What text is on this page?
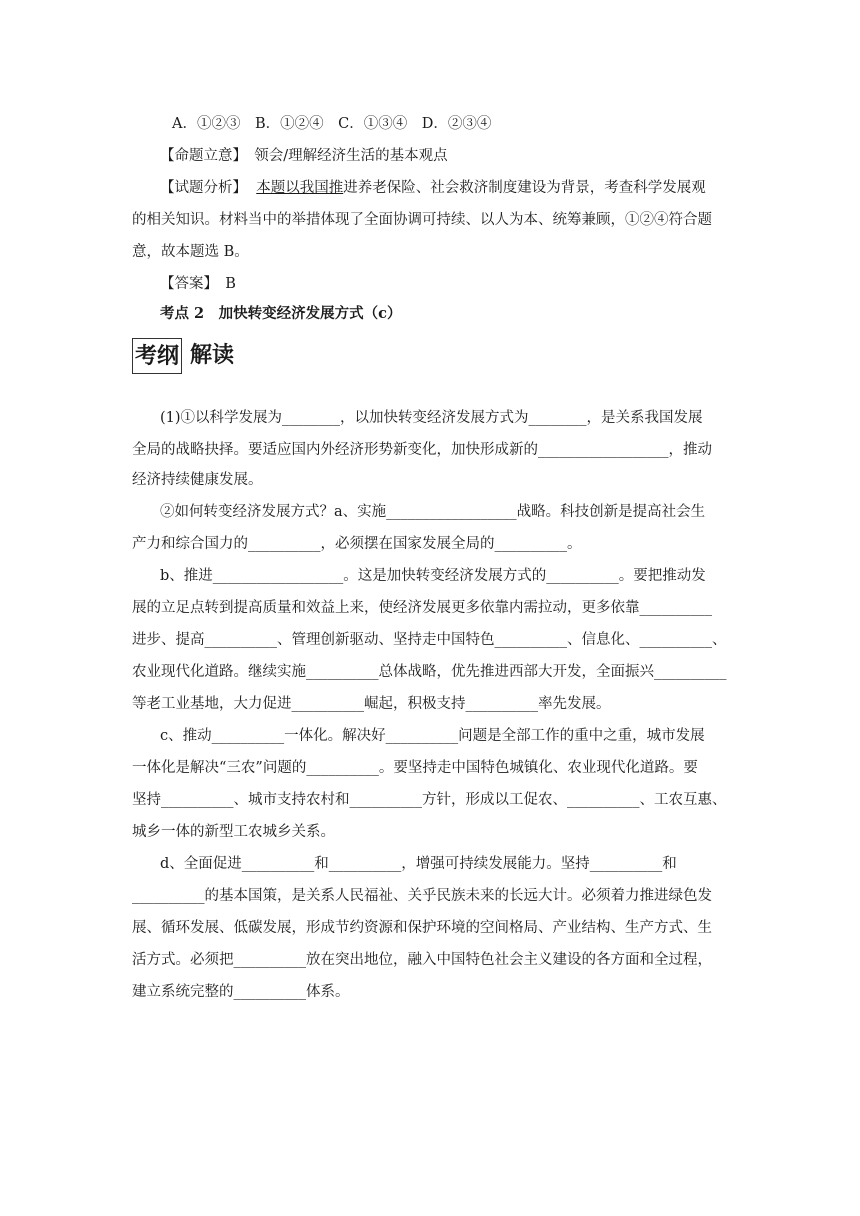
A．①②③　B．①②④　C．①③④　D．②③④
【命题立意】　领会/理解经济生活的基本观点
【试题分析】 本题以我国推进养老保险、社会救济制度建设为背景，考查科学发展观
的相关知识。材料当中的举措体现了全面协调可持续、以人为本、统筹兼顾，①②④符合题
意，故本题选 B。
【答案】　B
考点 2　加快转变经济发展方式（c）
考纲 解读
(1)①以科学发展为________，以加快转变经济发展方式为________，是关系我国发展
全局的战略抉择。要适应国内外经济形势新变化，加快形成新的__________________，推动
经济持续健康发展。
②如何转变经济发展方式？a、实施__________________战略。科技创新是提高社会生
产力和综合国力的__________，必须摆在国家发展全局的__________。
b、推进__________________。这是加快转变经济发展方式的__________。要把推动发
展的立足点转到提高质量和效益上来，使经济发展更多依靠内需拉动，更多依靠__________
进步、提高__________、管理创新驱动、坚持走中国特色__________、信息化、__________、
农业现代化道路。继续实施__________总体战略，优先推进西部大开发，全面振兴__________
等老工业基地，大力促进__________崛起，积极支持__________率先发展。
c、推动__________一体化。解决好__________问题是全部工作的重中之重，城市发展
一体化是解决“三农”问题的__________。要坚持走中国特色城镇化、农业现代化道路。要
坚持__________、城市支持农村和__________方针，形成以工促农、__________、工农互惠、
城乡一体的新型工农城乡关系。
d、全面促进__________和__________，增强可持续发展能力。坚持__________和
__________的基本国策，是关系人民福祉、关乎民族未来的长远大计。必须着力推进绿色发
展、循环发展、低碳发展，形成节约资源和保护环境的空间格局、产业结构、生产方式、生
活方式。必须把__________放在突出地位，融入中国特色社会主义建设的各方面和全过程，
建立系统完整的__________体系。
